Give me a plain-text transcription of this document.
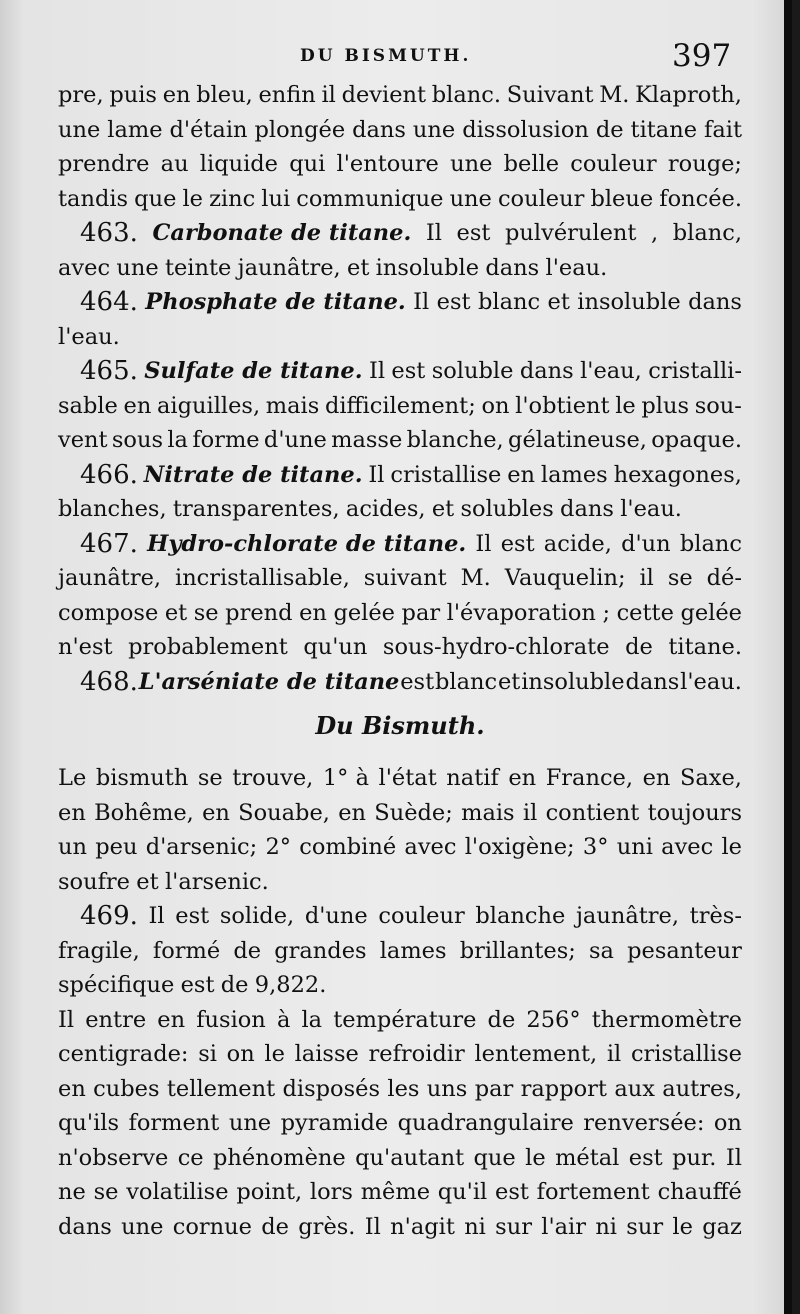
DU BISMUTH.	397
pre, puis en bleu, enfin il devient blanc. Suivant M. Klaproth,
une lame d'étain plongée dans une dissolusion de titane fait
prendre au liquide qui l'entoure une belle couleur rouge;
tandis que le zinc lui communique une couleur bleue foncée.
463. Carbonate de titane. Il est pulvérulent , blanc,
avec une teinte jaunâtre, et insoluble dans l'eau.
464. Phosphate de titane. Il est blanc et insoluble dans
l'eau.
465. Sulfate de titane. Il est soluble dans l'eau, cristalli-
sable en aiguilles, mais difficilement; on l'obtient le plus sou-
vent sous la forme d'une masse blanche, gélatineuse, opaque.
466. Nitrate de titane. Il cristallise en lames hexagones,
blanches, transparentes, acides, et solubles dans l'eau.
467. Hydro-chlorate de titane. Il est acide, d'un blanc
jaunâtre, incristallisable, suivant M. Vauquelin; il se dé-
compose et se prend en gelée par l'évaporation ; cette gelée
n'est probablement qu'un sous-hydro-chlorate de titane.
468. L'arséniate de titane est blanc et insoluble dans l'eau.
Du Bismuth.
Le bismuth se trouve, 1° à l'état natif en France, en Saxe,
en Bohême, en Souabe, en Suède; mais il contient toujours
un peu d'arsenic; 2° combiné avec l'oxigène; 3° uni avec le
soufre et l'arsenic.
469. Il est solide, d'une couleur blanche jaunâtre, très-
fragile, formé de grandes lames brillantes; sa pesanteur
spécifique est de 9,822.
Il entre en fusion à la température de 256° thermomètre
centigrade: si on le laisse refroidir lentement, il cristallise
en cubes tellement disposés les uns par rapport aux autres,
qu'ils forment une pyramide quadrangulaire renversée: on
n'observe ce phénomène qu'autant que le métal est pur. Il
ne se volatilise point, lors même qu'il est fortement chauffé
dans une cornue de grès. Il n'agit ni sur l'air ni sur le gaz
